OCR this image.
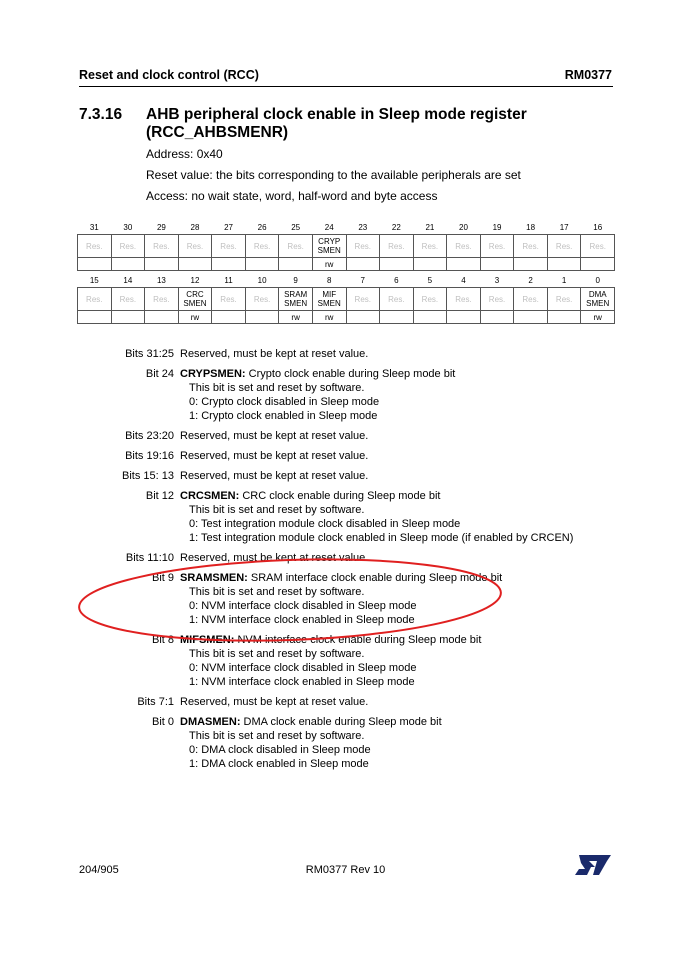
Reset and clock control (RCC)	RM0377
7.3.16 AHB peripheral clock enable in Sleep mode register (RCC_AHBSMENR)
Address: 0x40
Reset value: the bits corresponding to the available peripherals are set
Access: no wait state, word, half-word and byte access
31	30	29	28	27	26	25	24	23	22	21	20	19	18	17	16
Res.	Res.	Res.	Res.	Res.	Res.	Res.	CRYP SMEN	Res.	Res.	Res.	Res.	Res.	Res.	Res.	Res.
							rw								
15	14	13	12	11	10	9	8	7	6	5	4	3	2	1	0
Res.	Res.	Res.	CRC SMEN	Res.	Res.	SRAM SMEN	MIF SMEN	Res.	Res.	Res.	Res.	Res.	Res.	Res.	DMA SMEN
			rw			rw	rw								rw
Bits 31:25 Reserved, must be kept at reset value.
Bit 24 CRYPSMEN: Crypto clock enable during Sleep mode bit
This bit is set and reset by software.
0: Crypto clock disabled in Sleep mode
1: Crypto clock enabled in Sleep mode
Bits 23:20 Reserved, must be kept at reset value.
Bits 19:16 Reserved, must be kept at reset value.
Bits 15: 13 Reserved, must be kept at reset value.
Bit 12 CRCSMEN: CRC clock enable during Sleep mode bit
This bit is set and reset by software.
0: Test integration module clock disabled in Sleep mode
1: Test integration module clock enabled in Sleep mode (if enabled by CRCEN)
Bits 11:10 Reserved, must be kept at reset value.
Bit 9 SRAMSMEN: SRAM interface clock enable during Sleep mode bit
This bit is set and reset by software.
0: NVM interface clock disabled in Sleep mode
1: NVM interface clock enabled in Sleep mode
Bit 8 MIFSMEN: NVM interface clock enable during Sleep mode bit
This bit is set and reset by software.
0: NVM interface clock disabled in Sleep mode
1: NVM interface clock enabled in Sleep mode
Bits 7:1 Reserved, must be kept at reset value.
Bit 0 DMASMEN: DMA clock enable during Sleep mode bit
This bit is set and reset by software.
0: DMA clock disabled in Sleep mode
1: DMA clock enabled in Sleep mode
204/905	RM0377 Rev 10
